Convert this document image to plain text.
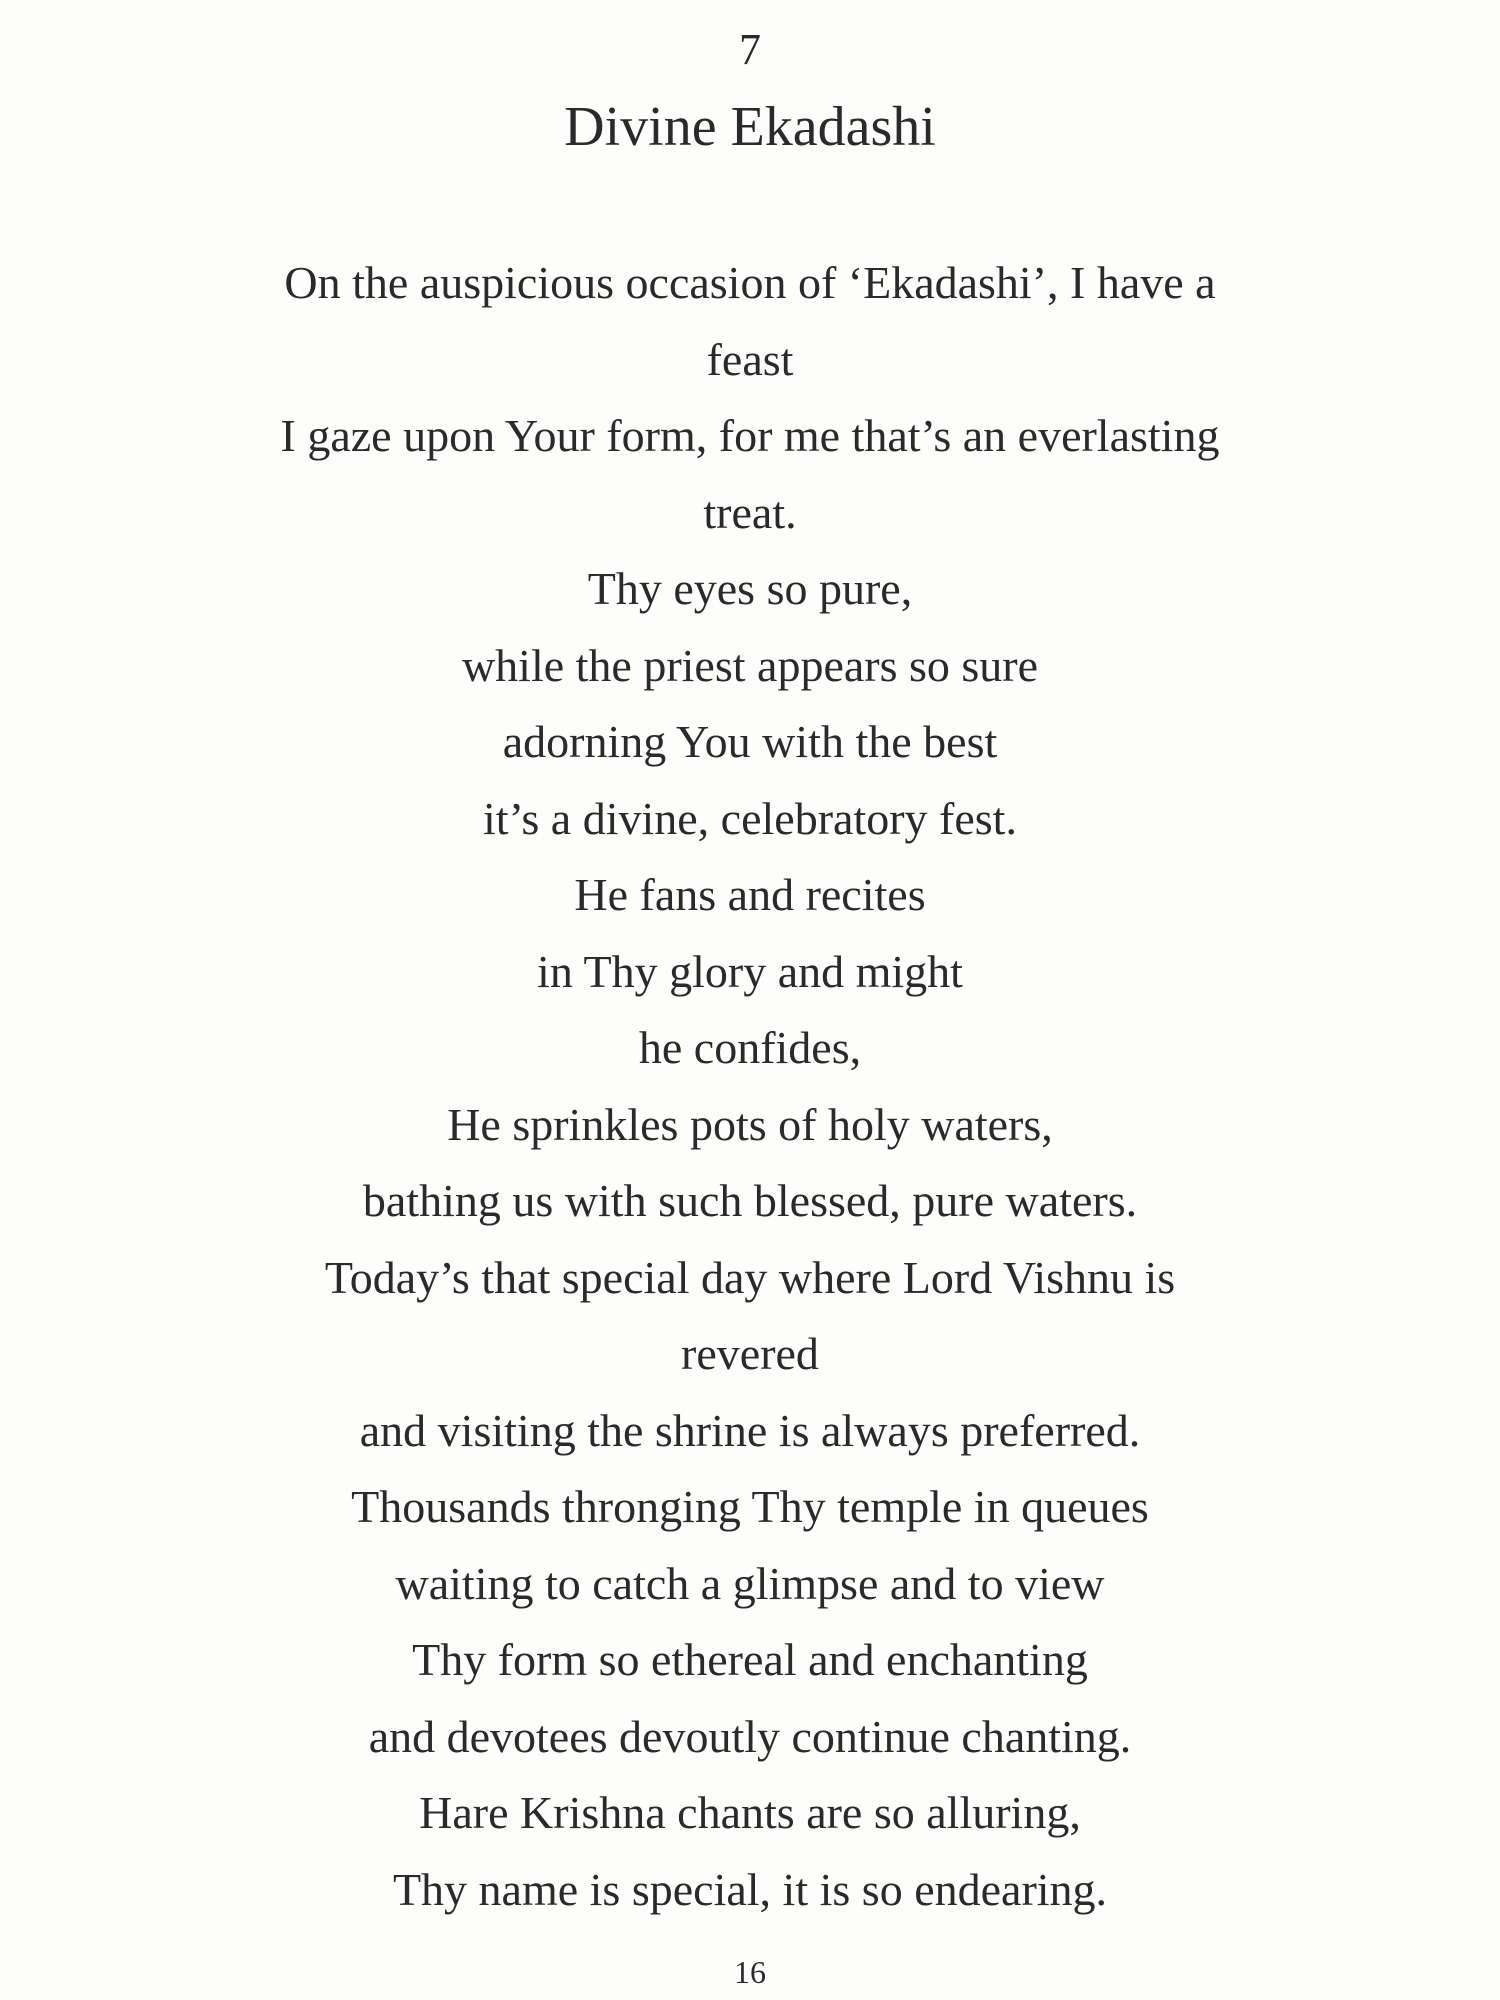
7
Divine Ekadashi
On the auspicious occasion of ‘Ekadashi’, I have a
feast
I gaze upon Your form, for me that’s an everlasting
treat.
Thy eyes so pure,
while the priest appears so sure
adorning You with the best
it’s a divine, celebratory fest.
He fans and recites
in Thy glory and might
he confides,
He sprinkles pots of holy waters,
bathing us with such blessed, pure waters.
Today’s that special day where Lord Vishnu is
revered
and visiting the shrine is always preferred.
Thousands thronging Thy temple in queues
waiting to catch a glimpse and to view
Thy form so ethereal and enchanting
and devotees devoutly continue chanting.
Hare Krishna chants are so alluring,
Thy name is special, it is so endearing.
16
